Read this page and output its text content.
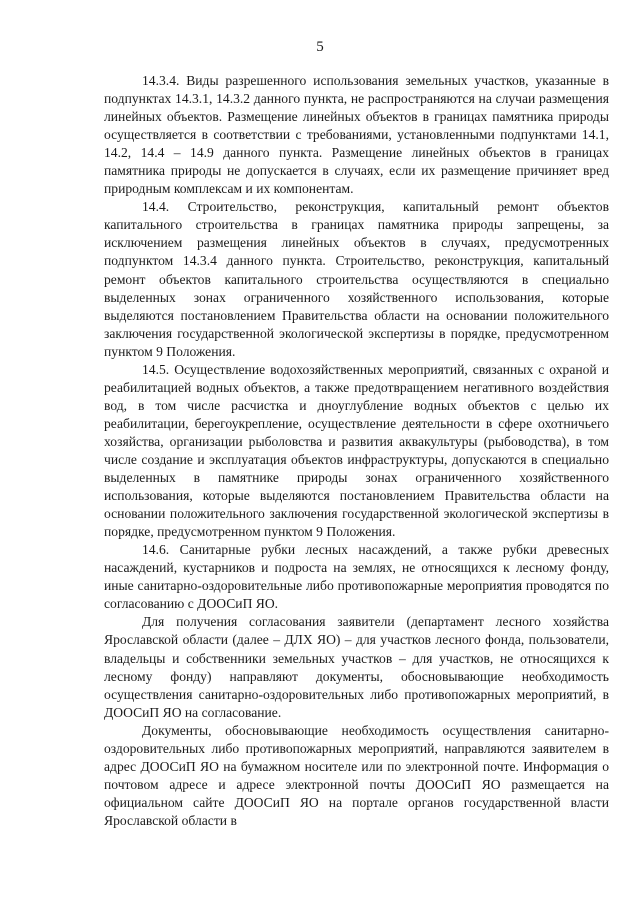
5

14.3.4. Виды разрешенного использования земельных участков, указанные в подпунктах 14.3.1, 14.3.2 данного пункта, не распространяются на случаи размещения линейных объектов. Размещение линейных объектов в границах памятника природы осуществляется в соответствии с требованиями, установленными подпунктами 14.1, 14.2, 14.4 – 14.9 данного пункта. Размещение линейных объектов в границах памятника природы не допускается в случаях, если их размещение причиняет вред природным комплексам и их компонентам.

14.4. Строительство, реконструкция, капитальный ремонт объектов капитального строительства в границах памятника природы запрещены, за исключением размещения линейных объектов в случаях, предусмотренных подпунктом 14.3.4 данного пункта. Строительство, реконструкция, капитальный ремонт объектов капитального строительства осуществляются в специально выделенных зонах ограниченного хозяйственного использования, которые выделяются постановлением Правительства области на основании положительного заключения государственной экологической экспертизы в порядке, предусмотренном пунктом 9 Положения.

14.5. Осуществление водохозяйственных мероприятий, связанных с охраной и реабилитацией водных объектов, а также предотвращением негативного воздействия вод, в том числе расчистка и дноуглубление водных объектов с целью их реабилитации, берегоукрепление, осуществление деятельности в сфере охотничьего хозяйства, организации рыболовства и развития аквакультуры (рыбоводства), в том числе создание и эксплуатация объектов инфраструктуры, допускаются в специально выделенных в памятнике природы зонах ограниченного хозяйственного использования, которые выделяются постановлением Правительства области на основании положительного заключения государственной экологической экспертизы в порядке, предусмотренном пунктом 9 Положения.

14.6. Санитарные рубки лесных насаждений, а также рубки древесных насаждений, кустарников и подроста на землях, не относящихся к лесному фонду, иные санитарно-оздоровительные либо противопожарные мероприятия проводятся по согласованию с ДООСиП ЯО.

Для получения согласования заявители (департамент лесного хозяйства Ярославской области (далее – ДЛХ ЯО) – для участков лесного фонда, пользователи, владельцы и собственники земельных участков – для участков, не относящихся к лесному фонду) направляют документы, обосновывающие необходимость осуществления санитарно-оздоровительных либо противопожарных мероприятий, в ДООСиП ЯО на согласование.

Документы, обосновывающие необходимость осуществления санитарно-оздоровительных либо противопожарных мероприятий, направляются заявителем в адрес ДООСиП ЯО на бумажном носителе или по электронной почте. Информация о почтовом адресе и адресе электронной почты ДООСиП ЯО размещается на официальном сайте ДООСиП ЯО на портале органов государственной власти Ярославской области в
